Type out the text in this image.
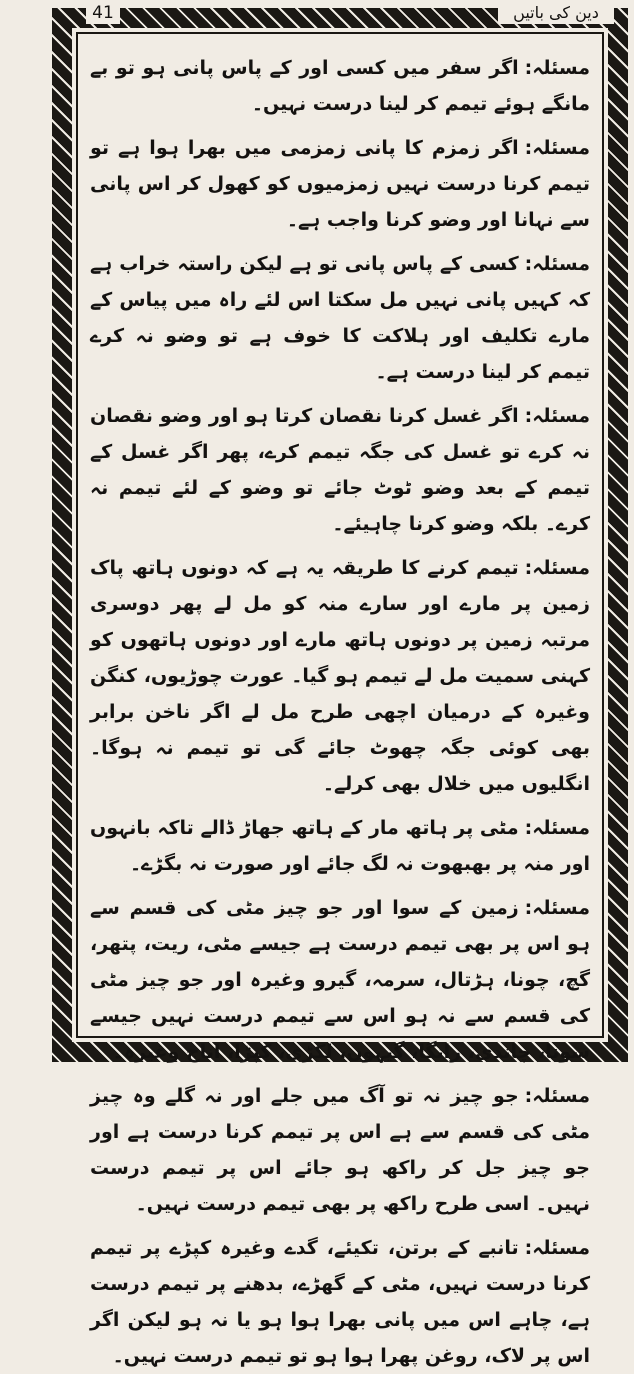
41	دین کی باتیں

مسئلہ:اگر سفر میں کسی اور کے پاس پانی ہو تو بے مانگے ہوئے تیمم کر لینا درست نہیں۔

مسئلہ:اگر زمزم کا پانی زمزمی میں بھرا ہوا ہے تو تیمم کرنا درست نہیں زمزمیوں کو کھول کر اس پانی سے نہانا اور وضو کرنا واجب ہے۔

مسئلہ:کسی کے پاس پانی تو ہے لیکن راستہ خراب ہے کہ کہیں پانی نہیں مل سکتا اس لئے راہ میں پیاس کے مارے تکلیف اور ہلاکت کا خوف ہے تو وضو نہ کرے تیمم کر لینا درست ہے۔

مسئلہ:اگر غسل کرنا نقصان کرتا ہو اور وضو نقصان نہ کرے تو غسل کی جگہ تیمم کرے، پھر اگر غسل کے تیمم کے بعد وضو ٹوٹ جائے تو وضو کے لئے تیمم نہ کرے۔ بلکہ وضو کرنا چاہیئے۔

مسئلہ:تیمم کرنے کا طریقہ یہ ہے کہ دونوں ہاتھ پاک زمین پر مارے اور سارے منہ کو مل لے پھر دوسری مرتبہ زمین پر دونوں ہاتھ مارے اور دونوں ہاتھوں کو کہنی سمیت مل لے تیمم ہو گیا۔ عورت چوڑیوں، کنگن وغیرہ کے درمیان اچھی طرح مل لے اگر ناخن برابر بھی کوئی جگہ چھوٹ جائے گی تو تیمم نہ ہوگا۔ انگلیوں میں خلال بھی کرلے۔

مسئلہ:مٹی پر ہاتھ مار کے ہاتھ جھاڑ ڈالے تاکہ بانہوں اور منہ پر بھبھوت نہ لگ جائے اور صورت نہ بگڑے۔

مسئلہ:زمین کے سوا اور جو چیز مٹی کی قسم سے ہو اس پر بھی تیمم درست ہے جیسے مٹی، ریت، پتھر، گچ، چونا، ہڑتال، سرمہ، گیرو وغیرہ اور جو چیز مٹی کی قسم سے نہ ہو اس سے تیمم درست نہیں جیسے سونا، چاندی، رانگا، گیہوں، لکڑی، کپڑا، اناج وغیرہ۔

مسئلہ:جو چیز نہ تو آگ میں جلے اور نہ گلے وہ چیز مٹی کی قسم سے ہے اس پر تیمم کرنا درست ہے اور جو چیز جل کر راکھ ہو جائے اس پر تیمم درست نہیں۔ اسی طرح راکھ پر بھی تیمم درست نہیں۔

مسئلہ:تانبے کے برتن، تکیئے، گدے وغیرہ کپڑے پر تیمم کرنا درست نہیں، مٹی کے گھڑے، بدھنے پر تیمم درست ہے، چاہے اس میں پانی بھرا ہوا ہو یا نہ ہو لیکن اگر اس پر لاک، روغن پھرا ہوا ہو تو تیمم درست نہیں۔
